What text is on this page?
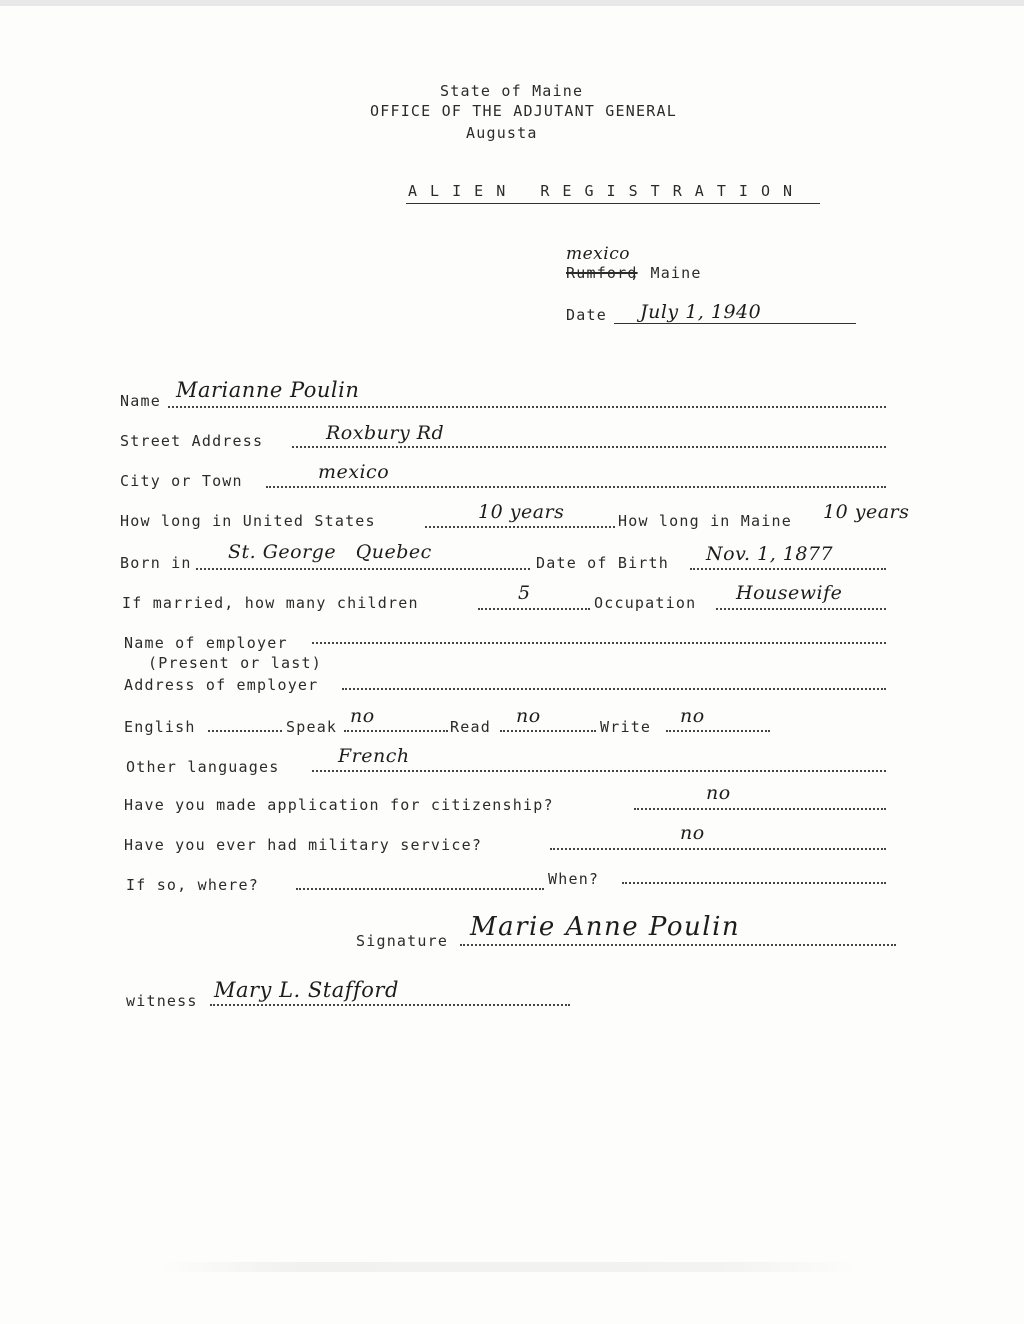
State of Maine
OFFICE OF THE ADJUTANT GENERAL
Augusta
A L I E N   R E G I S T R A T I O N
mexico
Rumford
, Maine
Date July 1, 1940
Name Marianne Poulin
Street Address	Roxbury Rd
City or Town	mexico
How long in United States	10 years	How long in Maine 10 years
Born in St. George   Quebec	Date of Birth Nov. 1, 1877
If married, how many children	5	Occupation Housewife
Name of employer
(Present or last)
Address of employer
English	Speak no	Read no	Write no
Other languages	French
Have you made application for citizenship?
no
Have you ever had military service?
no
If so, where?	When?
Signature Marie Anne Poulin
witness Mary L. Stafford
